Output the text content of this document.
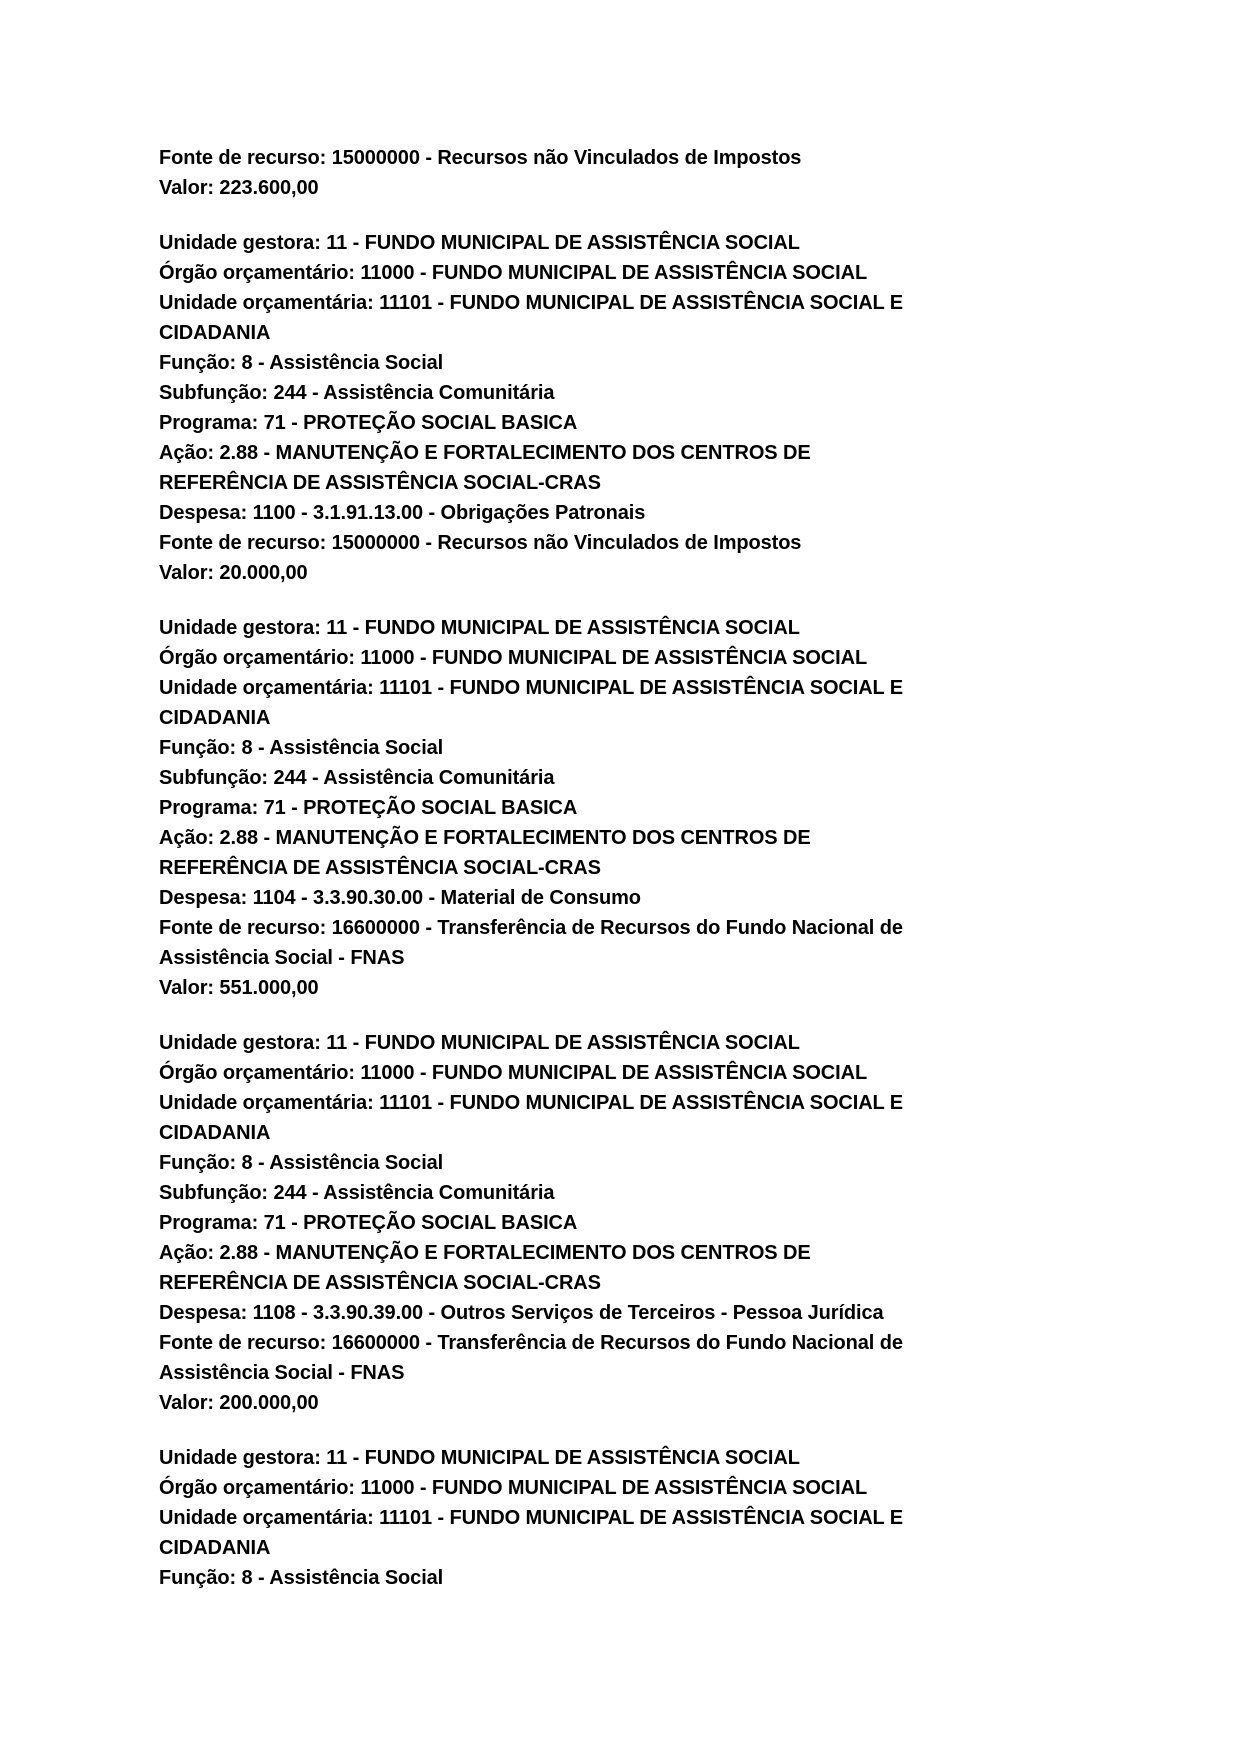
Fonte de recurso: 15000000 - Recursos não Vinculados de Impostos
Valor: 223.600,00

Unidade gestora: 11 - FUNDO MUNICIPAL DE ASSISTÊNCIA SOCIAL
Órgão orçamentário: 11000 - FUNDO MUNICIPAL DE ASSISTÊNCIA SOCIAL
Unidade orçamentária: 11101 - FUNDO MUNICIPAL DE ASSISTÊNCIA SOCIAL E
CIDADANIA
Função: 8 - Assistência Social
Subfunção: 244 - Assistência Comunitária
Programa: 71 - PROTEÇÃO SOCIAL BASICA
Ação: 2.88 - MANUTENÇÃO E FORTALECIMENTO DOS CENTROS DE
REFERÊNCIA DE ASSISTÊNCIA SOCIAL-CRAS
Despesa: 1100 - 3.1.91.13.00 - Obrigações Patronais
Fonte de recurso: 15000000 - Recursos não Vinculados de Impostos
Valor: 20.000,00

Unidade gestora: 11 - FUNDO MUNICIPAL DE ASSISTÊNCIA SOCIAL
Órgão orçamentário: 11000 - FUNDO MUNICIPAL DE ASSISTÊNCIA SOCIAL
Unidade orçamentária: 11101 - FUNDO MUNICIPAL DE ASSISTÊNCIA SOCIAL E
CIDADANIA
Função: 8 - Assistência Social
Subfunção: 244 - Assistência Comunitária
Programa: 71 - PROTEÇÃO SOCIAL BASICA
Ação: 2.88 - MANUTENÇÃO E FORTALECIMENTO DOS CENTROS DE
REFERÊNCIA DE ASSISTÊNCIA SOCIAL-CRAS
Despesa: 1104 - 3.3.90.30.00 - Material de Consumo
Fonte de recurso: 16600000 - Transferência de Recursos do Fundo Nacional de
Assistência Social - FNAS
Valor: 551.000,00

Unidade gestora: 11 - FUNDO MUNICIPAL DE ASSISTÊNCIA SOCIAL
Órgão orçamentário: 11000 - FUNDO MUNICIPAL DE ASSISTÊNCIA SOCIAL
Unidade orçamentária: 11101 - FUNDO MUNICIPAL DE ASSISTÊNCIA SOCIAL E
CIDADANIA
Função: 8 - Assistência Social
Subfunção: 244 - Assistência Comunitária
Programa: 71 - PROTEÇÃO SOCIAL BASICA
Ação: 2.88 - MANUTENÇÃO E FORTALECIMENTO DOS CENTROS DE
REFERÊNCIA DE ASSISTÊNCIA SOCIAL-CRAS
Despesa: 1108 - 3.3.90.39.00 - Outros Serviços de Terceiros - Pessoa Jurídica
Fonte de recurso: 16600000 - Transferência de Recursos do Fundo Nacional de
Assistência Social - FNAS
Valor: 200.000,00

Unidade gestora: 11 - FUNDO MUNICIPAL DE ASSISTÊNCIA SOCIAL
Órgão orçamentário: 11000 - FUNDO MUNICIPAL DE ASSISTÊNCIA SOCIAL
Unidade orçamentária: 11101 - FUNDO MUNICIPAL DE ASSISTÊNCIA SOCIAL E
CIDADANIA
Função: 8 - Assistência Social
